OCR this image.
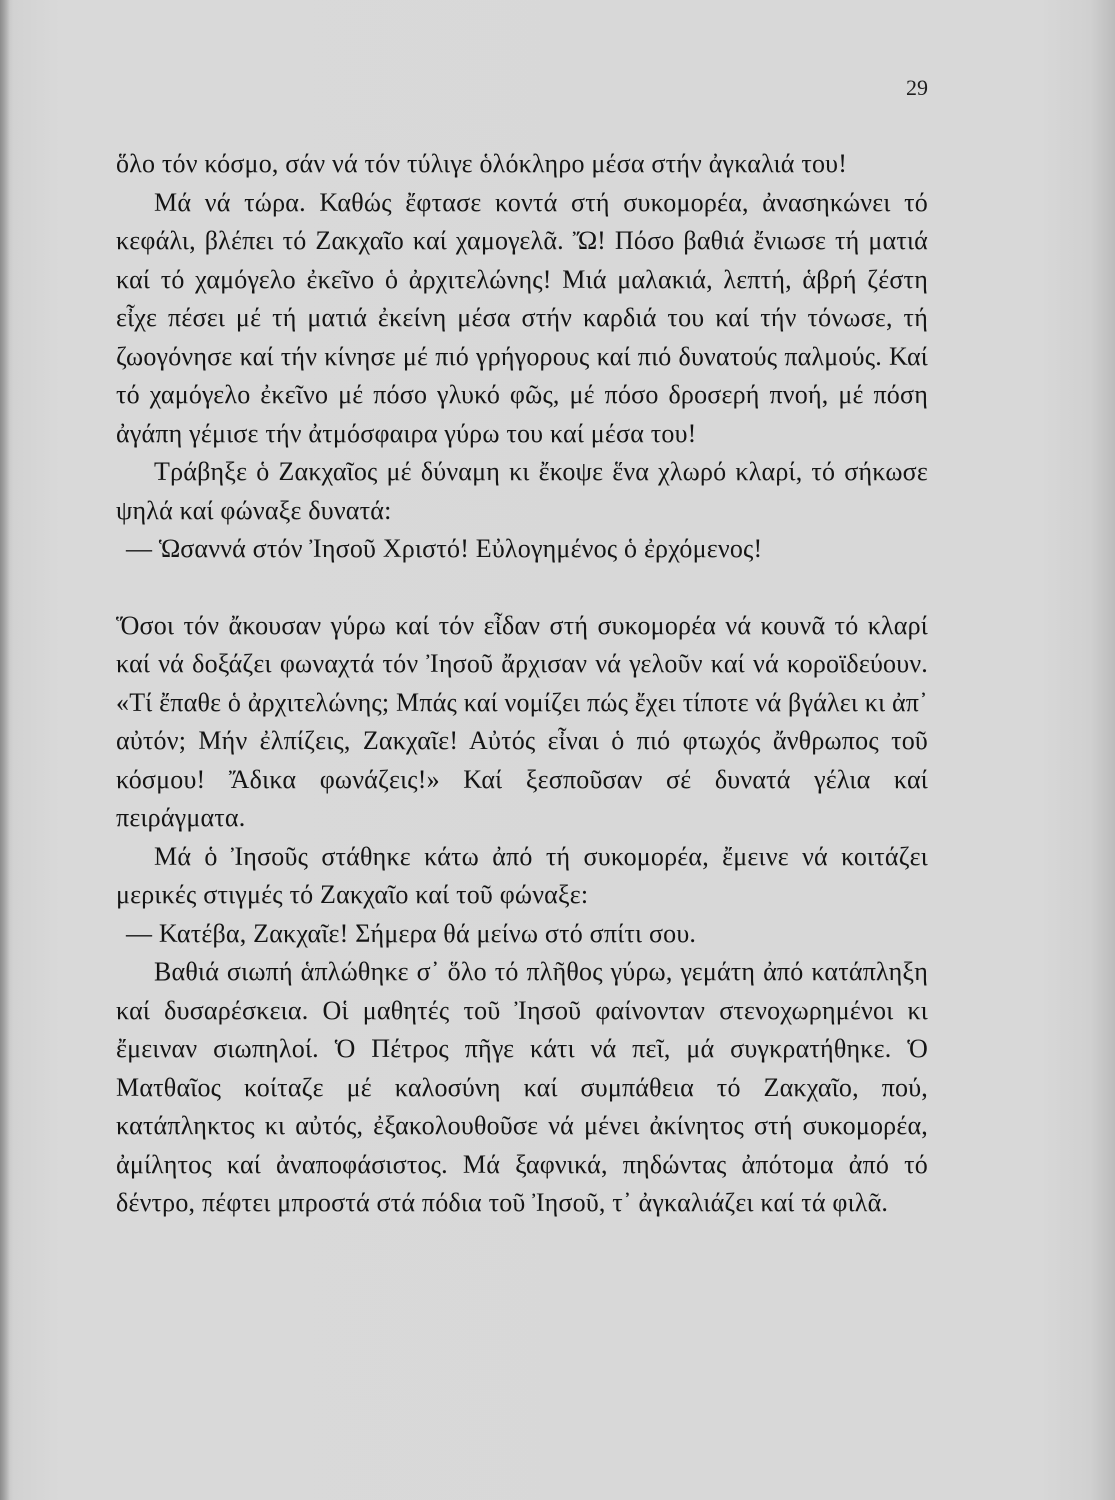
29

ὅλο τόν κόσμο, σάν νά τόν τύλιγε ὁλόκληρο μέσα στήν ἀγκαλιά του!

Μά νά τώρα. Καθώς ἔφτασε κοντά στή συκομορέα, ἀνασηκώνει τό κεφάλι, βλέπει τό Ζακχαῖο καί χαμογελᾶ. Ὤ! Πόσο βαθιά ἔνιωσε τή ματιά καί τό χαμόγελο ἐκεῖνο ὁ ἀρχιτελώνης! Μιά μαλακιά, λεπτή, ἁβρή ζέστη εἶχε πέσει μέ τή ματιά ἐκείνη μέσα στήν καρδιά του καί τήν τόνωσε, τή ζωογόνησε καί τήν κίνησε μέ πιό γρήγορους καί πιό δυνατούς παλμούς. Καί τό χαμόγελο ἐκεῖνο μέ πόσο γλυκό φῶς, μέ πόσο δροσερή πνοή, μέ πόση ἀγάπη γέμισε τήν ἀτμόσφαιρα γύρω του καί μέσα του!

Τράβηξε ὁ Ζακχαῖος μέ δύναμη κι ἔκοψε ἕνα χλωρό κλαρί, τό σήκωσε ψηλά καί φώναξε δυνατά:

— Ὡσαννά στόν Ἰησοῦ Χριστό! Εὐλογημένος ὁ ἐρχόμενος!

Ὅσοι τόν ἄκουσαν γύρω καί τόν εἶδαν στή συκομορέα νά κουνᾶ τό κλαρί καί νά δοξάζει φωναχτά τόν Ἰησοῦ ἄρχισαν νά γελοῦν καί νά κοροϊδεύουν. «Τί ἔπαθε ὁ ἀρχιτελώνης; Μπάς καί νομίζει πώς ἔχει τίποτε νά βγάλει κι ἀπ᾿ αὐτόν; Μήν ἐλπίζεις, Ζακχαῖε! Αὐτός εἶναι ὁ πιό φτωχός ἄνθρωπος τοῦ κόσμου! Ἄδικα φωνάζεις!» Καί ξεσποῦσαν σέ δυνατά γέλια καί πειράγματα.

Μά ὁ Ἰησοῦς στάθηκε κάτω ἀπό τή συκομορέα, ἔμεινε νά κοιτάζει μερικές στιγμές τό Ζακχαῖο καί τοῦ φώναξε:

— Κατέβα, Ζακχαῖε! Σήμερα θά μείνω στό σπίτι σου.

Βαθιά σιωπή ἁπλώθηκε σ᾿ ὅλο τό πλῆθος γύρω, γεμάτη ἀπό κατάπληξη καί δυσαρέσκεια. Οἱ μαθητές τοῦ Ἰησοῦ φαίνονταν στενοχωρημένοι κι ἔμειναν σιωπηλοί. Ὁ Πέτρος πῆγε κάτι νά πεῖ, μά συγκρατήθηκε. Ὁ Ματθαῖος κοίταζε μέ καλοσύνη καί συμπάθεια τό Ζακχαῖο, πού, κατάπληκτος κι αὐτός, ἐξακολουθοῦσε νά μένει ἀκίνητος στή συκομορέα, ἀμίλητος καί ἀναποφάσιστος. Μά ξαφνικά, πηδώντας ἀπότομα ἀπό τό δέντρο, πέφτει μπροστά στά πόδια τοῦ Ἰησοῦ, τ᾿ ἀγκαλιάζει καί τά φιλᾶ.
